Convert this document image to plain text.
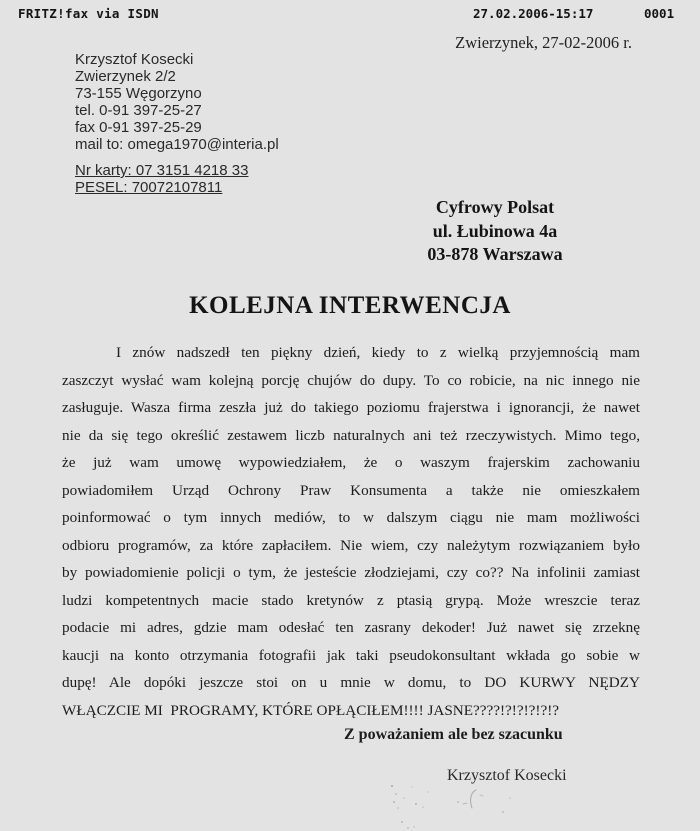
FRITZ!fax via ISDN	27.02.2006-15:17	0001
Zwierzynek, 27-02-2006 r.
Krzysztof Kosecki
Zwierzynek 2/2
73-155 Węgorzyno
tel. 0-91 397-25-27
fax 0-91 397-25-29
mail to: omega1970@interia.pl
Nr karty: 07 3151 4218 33
PESEL: 70072107811
Cyfrowy Polsat
ul. Łubinowa 4a
03-878 Warszawa
KOLEJNA INTERWENCJA
I znów nadszedł ten piękny dzień, kiedy to z wielką przyjemnością mam
zaszczyt wysłać wam kolejną porcję chujów do dupy. To co robicie, na nic innego nie
zasługuje. Wasza firma zeszła już do takiego poziomu frajerstwa i ignorancji, że nawet
nie da się tego określić zestawem liczb naturalnych ani też rzeczywistych. Mimo tego,
że już wam umowę wypowiedziałem, że o waszym frajerskim zachowaniu
powiadomiłem Urząd Ochrony Praw Konsumenta a także nie omieszkałem
poinformować o tym innych mediów, to w dalszym ciągu nie mam możliwości
odbioru programów, za które zapłaciłem. Nie wiem, czy należytym rozwiązaniem było
by powiadomienie policji o tym, że jesteście złodziejami, czy co?? Na infolinii zamiast
ludzi kompetentnych macie stado kretynów z ptasią grypą. Może wreszcie teraz
podacie mi adres, gdzie mam odesłać ten zasrany dekoder! Już nawet się zrzeknę
kaucji na konto otrzymania fotografii jak taki pseudokonsultant wkłada go sobie w
dupę! Ale dopóki jeszcze stoi on u mnie w domu, to DO KURWY NĘDZY
WŁĄCZCIE MI  PROGRAMY, KTÓRE OPŁĄCIŁEM!!!! JASNE????!?!?!?!?!?
Z poważaniem ale bez szacunku
Krzysztof Kosecki
